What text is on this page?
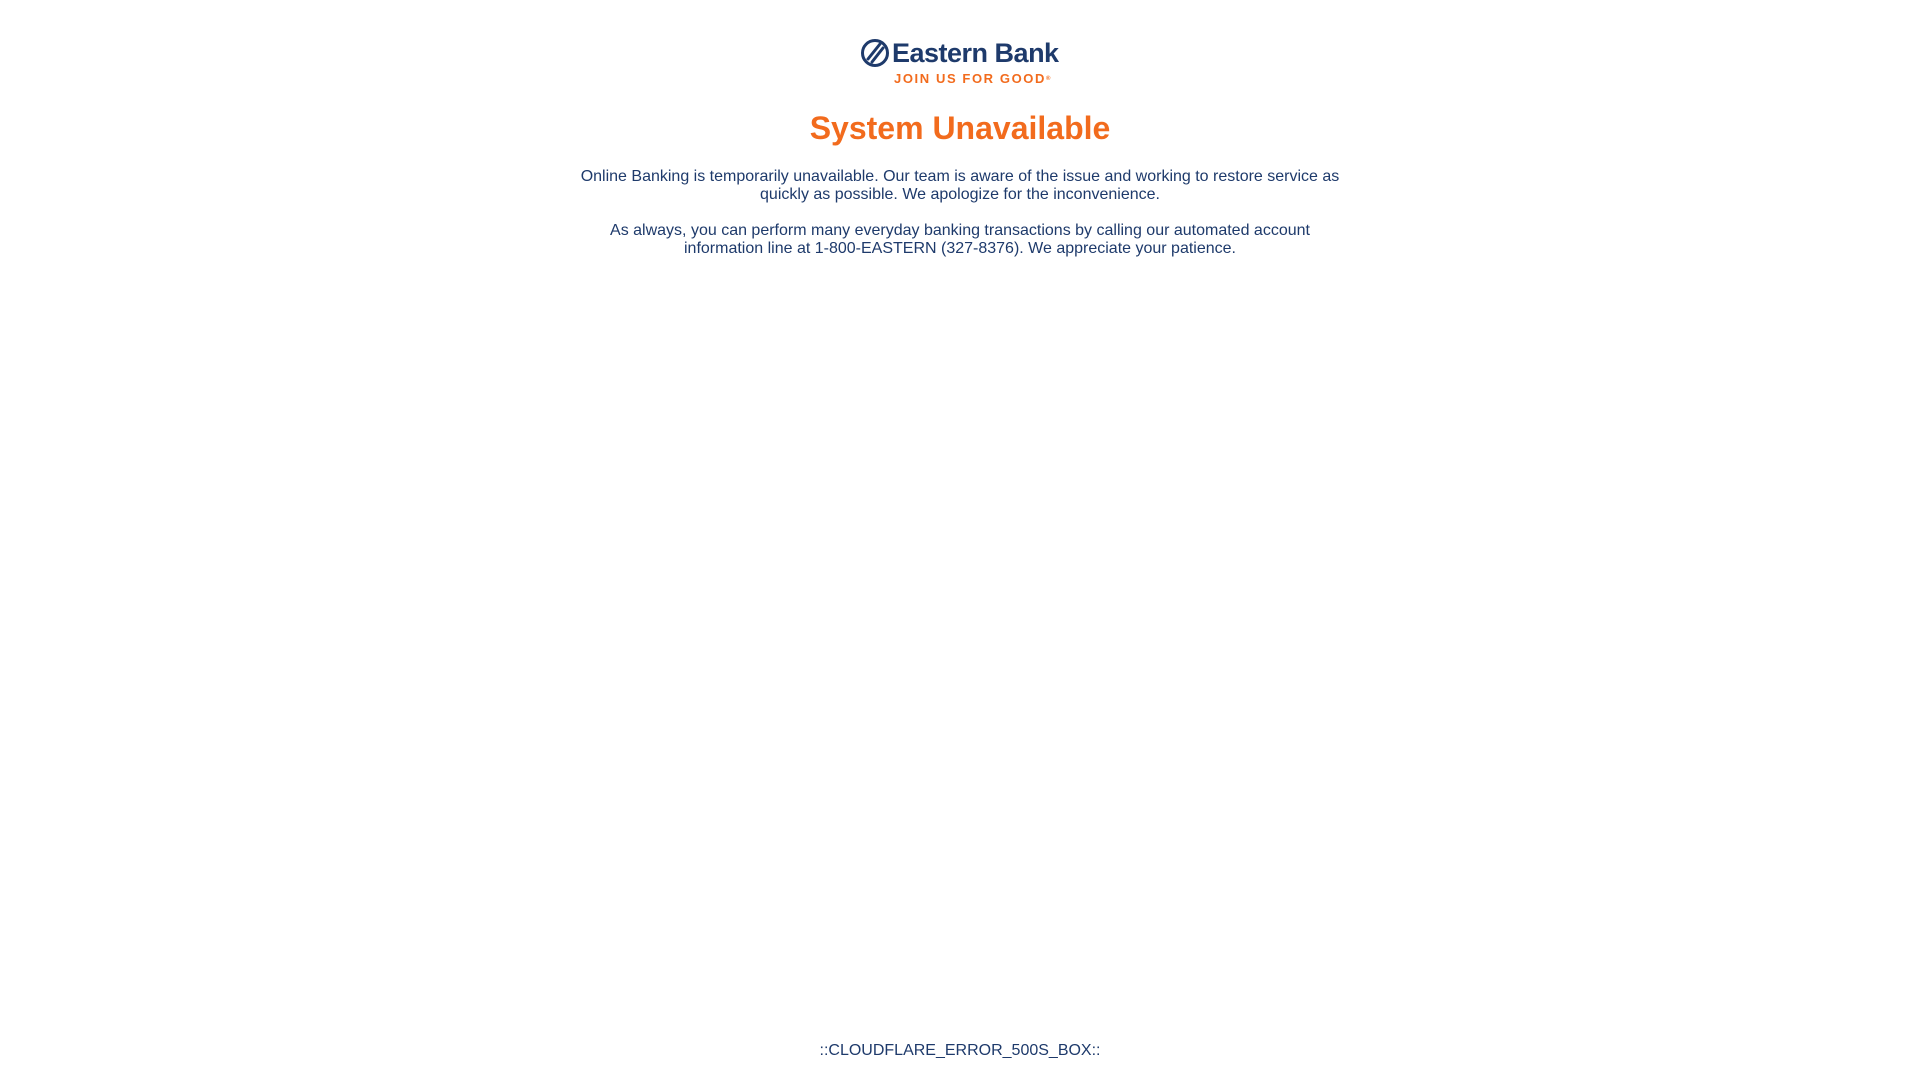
Eastern Bank
JOIN US FOR GOOD®
System Unavailable

Online Banking is temporarily unavailable. Our team is aware of the issue and working to restore service as quickly as possible. We apologize for the inconvenience.

As always, you can perform many everyday banking transactions by calling our automated account information line at 1-800-EASTERN (327-8376). We appreciate your patience.

::CLOUDFLARE_ERROR_500S_BOX::
